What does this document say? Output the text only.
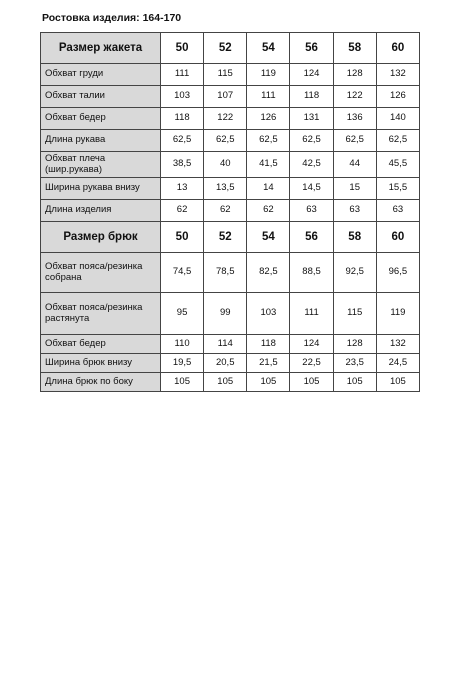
Ростовка изделия: 164-170
Размер жакета	50	52	54	56	58	60
Обхват груди	111	115	119	124	128	132
Обхват талии	103	107	111	118	122	126
Обхват бедер	118	122	126	131	136	140
Длина рукава	62,5	62,5	62,5	62,5	62,5	62,5
Обхват плеча (шир.рукава)	38,5	40	41,5	42,5	44	45,5
Ширина рукава внизу	13	13,5	14	14,5	15	15,5
Длина изделия	62	62	62	63	63	63
Размер брюк	50	52	54	56	58	60
Обхват пояса/резинка собрана	74,5	78,5	82,5	88,5	92,5	96,5
Обхват пояса/резинка растянута	95	99	103	111	115	119
Обхват бедер	110	114	118	124	128	132
Ширина брюк внизу	19,5	20,5	21,5	22,5	23,5	24,5
Длина брюк по боку	105	105	105	105	105	105
